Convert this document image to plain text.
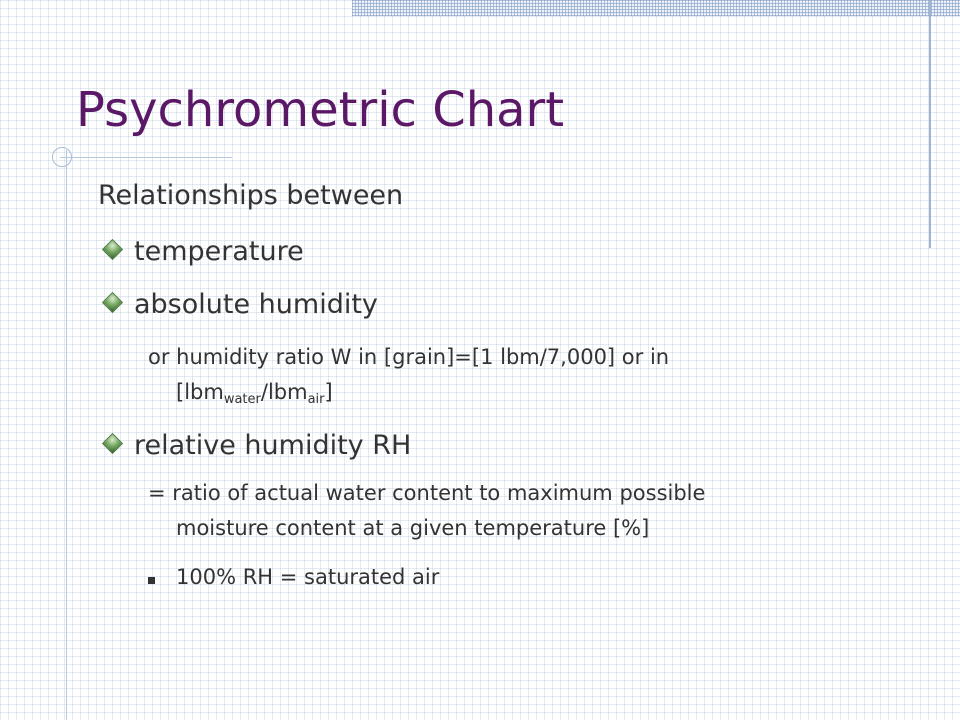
Psychrometric Chart
Relationships between
temperature
absolute humidity
or humidity ratio W in [grain]=[1 lbm/7,000] or in
[lbm$_{water}$/lbm$_{air}$]
relative humidity RH
= ratio of actual water content to maximum possible
moisture content at a given temperature [%]
100% RH = saturated air
